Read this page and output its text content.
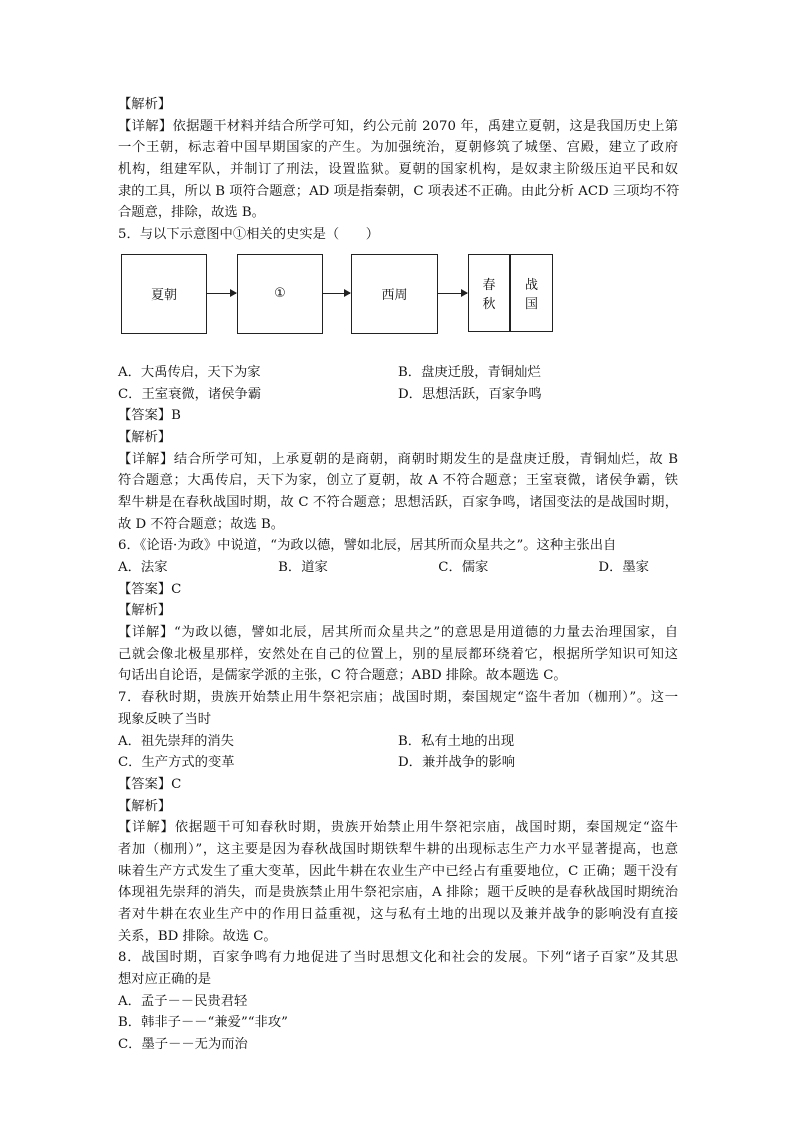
【解析】
【详解】依据题干材料并结合所学可知，约公元前 2070 年，禹建立夏朝，这是我国历史上第
一个王朝，标志着中国早期国家的产生。为加强统治，夏朝修筑了城堡、宫殿，建立了政府
机构，组建军队，并制订了刑法，设置监狱。夏朝的国家机构，是奴隶主阶级压迫平民和奴
隶的工具，所以 B 项符合题意；AD 项是指秦朝，C 项表述不正确。由此分析 ACD 三项均不符
合题意，排除，故选 B。
5．与以下示意图中①相关的史实是（　　）
夏朝	①	西周
春秋
战国
A．大禹传启，天下为家	B．盘庚迁殷，青铜灿烂
C．王室衰微，诸侯争霸	D．思想活跃，百家争鸣
【答案】B
【解析】
【详解】结合所学可知，上承夏朝的是商朝，商朝时期发生的是盘庚迁殷，青铜灿烂，故 B
符合题意；大禹传启，天下为家，创立了夏朝，故 A 不符合题意；王室衰微，诸侯争霸，铁
犁牛耕是在春秋战国时期，故 C 不符合题意；思想活跃，百家争鸣，诸国变法的是战国时期，
故 D 不符合题意；故选 B。
6．《论语·为政》中说道，“为政以德，譬如北辰，居其所而众星共之”。这种主张出自
A．法家	B．道家	C．儒家	D．墨家
【答案】C
【解析】
【详解】“为政以德，譬如北辰，居其所而众星共之”的意思是用道德的力量去治理国家，自
己就会像北极星那样，安然处在自己的位置上，别的星辰都环绕着它，根据所学知识可知这
句话出自论语，是儒家学派的主张，C 符合题意；ABD 排除。故本题选 C。
7．春秋时期，贵族开始禁止用牛祭祀宗庙；战国时期，秦国规定“盗牛者加（枷刑）”。这一
现象反映了当时
A．祖先崇拜的消失	B．私有土地的出现
C．生产方式的变革	D．兼并战争的影响
【答案】C
【解析】
【详解】依据题干可知春秋时期，贵族开始禁止用牛祭祀宗庙，战国时期，秦国规定“盗牛
者加（枷刑）”，这主要是因为春秋战国时期铁犁牛耕的出现标志生产力水平显著提高，也意
味着生产方式发生了重大变革，因此牛耕在农业生产中已经占有重要地位，C 正确；题干没有
体现祖先崇拜的消失，而是贵族禁止用牛祭祀宗庙，A 排除；题干反映的是春秋战国时期统治
者对牛耕在农业生产中的作用日益重视，这与私有土地的出现以及兼并战争的影响没有直接
关系，BD 排除。故选 C。
8．战国时期，百家争鸣有力地促进了当时思想文化和社会的发展。下列“诸子百家”及其思
想对应正确的是
A．孟子－－民贵君轻
B．韩非子－－“兼爱”“非攻”
C．墨子－－无为而治
